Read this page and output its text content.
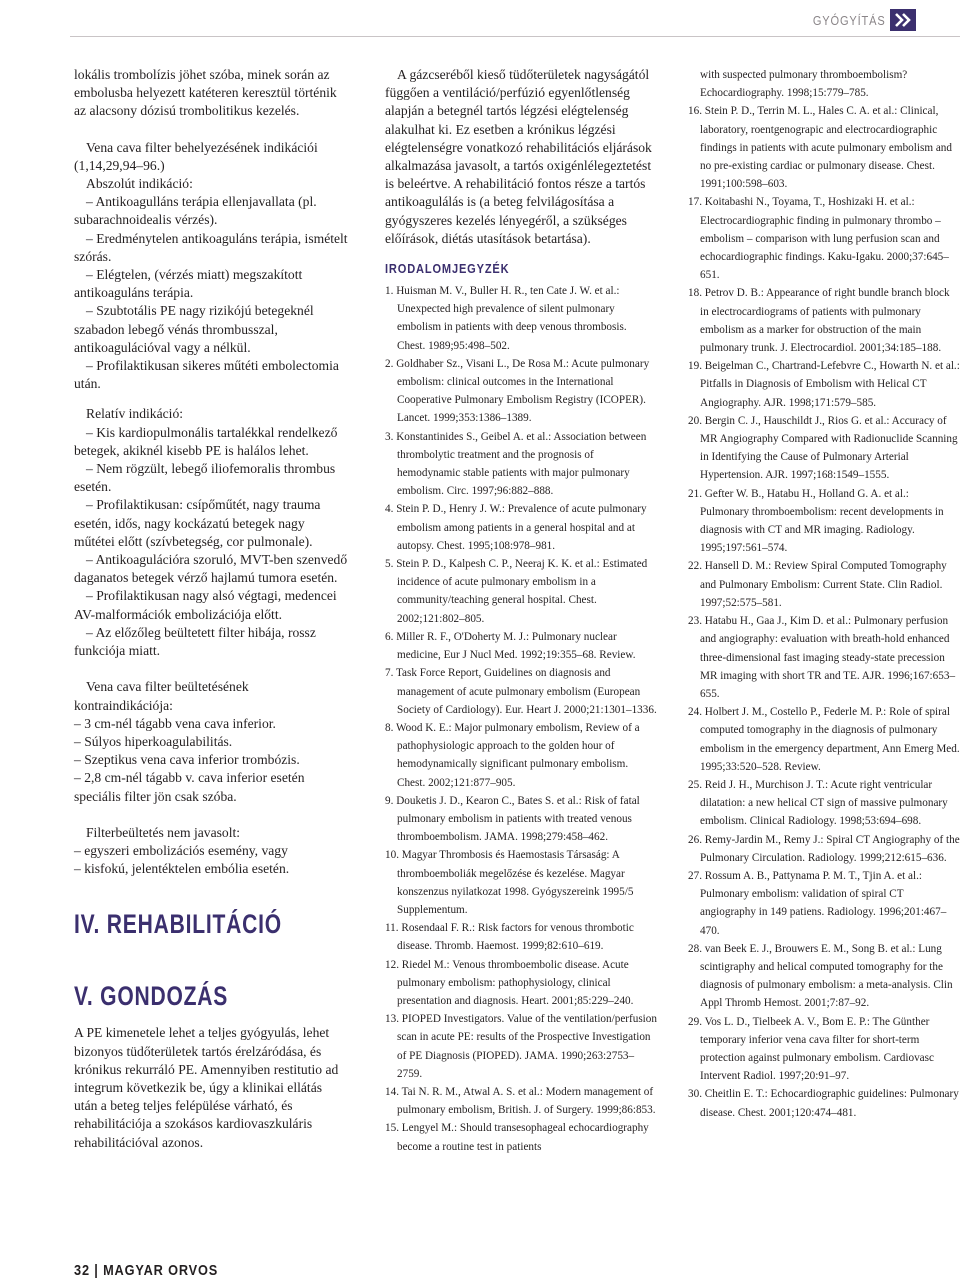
GYÓGYÍTÁS

lokális trombolízis jöhet szóba, minek során az embolusba helyezett katéteren keresztül történik az alacsony dózisú trombolitikus kezelés.

Vena cava filter behelyezésének indikációi (1,14,29,94–96.)

Abszolút indikáció:

– Antikoagulláns terápia ellenjavallata (pl. subarachnoidealis vérzés).

– Eredménytelen antikoaguláns terápia, ismételt szórás.

– Elégtelen, (vérzés miatt) megszakított antikoaguláns terápia.

– Szubtotális PE nagy rizikójú betegeknél szabadon lebegő vénás thrombusszal, antikoagulációval vagy a nélkül.

– Profilaktikusan sikeres műtéti embolectomia után.

Relatív indikáció:

– Kis kardiopulmonális tartalékkal rendelkező betegek, akiknél kisebb PE is halálos lehet.

– Nem rögzült, lebegő iliofemoralis thrombus esetén.

– Profilaktikusan: csípőműtét, nagy trauma esetén, idős, nagy kockázatú betegek nagy műtétei előtt (szívbetegség, cor pulmonale).

– Antikoagulációra szoruló, MVT-ben szenvedő daganatos betegek vérző hajlamú tumora esetén.

– Profilaktikusan nagy alsó végtagi, medencei AV-malformációk embolizációja előtt.

– Az előzőleg beültetett filter hibája, rossz funkciója miatt.

Vena cava filter beültetésének kontraindikációja:

– 3 cm-nél tágabb vena cava inferior.

– Súlyos hiperkoagulabilitás.

– Szeptikus vena cava inferior trombózis.

– 2,8 cm-nél tágabb v. cava inferior esetén speciális filter jön csak szóba.

Filterbeültetés nem javasolt:

– egyszeri embolizációs esemény, vagy

– kisfokú, jelentéktelen embólia esetén.

IV. REHABILITÁCIÓ

V. GONDOZÁS

A PE kimenetele lehet a teljes gyógyulás, lehet bizonyos tüdőterületek tartós érelzáródása, és krónikus rekurráló PE. Amennyiben restitutio ad integrum következik be, úgy a klinikai ellátás után a beteg teljes felépülése várható, és rehabilitációja a szokásos kardiovaszkuláris rehabilitációval azonos.

A gázcseréből kieső tüdőterületek nagyságától függően a ventiláció/perfúzió egyenlőtlenség alapján a betegnél tartós légzési elégtelenség alakulhat ki. Ez esetben a krónikus légzési elégtelenségre vonatkozó rehabilitációs eljárások alkalmazása javasolt, a tartós oxigénlélegeztetést is beleértve. A rehabilitáció fontos része a tartós antikoagulálás is (a beteg felvilágosítása a gyógyszeres kezelés lényegéről, a szükséges előírások, diétás utasítások betartása).

IRODALOMJEGYZÉK

1. Huisman M. V., Buller H. R., ten Cate J. W. et al.: Unexpected high prevalence of silent pulmonary embolism in patients with deep venous thrombosis. Chest. 1989;95:498–502.

2. Goldhaber Sz., Visani L., De Rosa M.: Acute pulmonary embolism: clinical outcomes in the International Cooperative Pulmonary Embolism Registry (ICOPER). Lancet. 1999;353:1386–1389.

3. Konstantinides S., Geibel A. et al.: Association between thrombolytic treatment and the prognosis of hemodynamic stable patients with major pulmonary embolism. Circ. 1997;96:882–888.

4. Stein P. D., Henry J. W.: Prevalence of acute pulmonary embolism among patients in a general hospital and at autopsy. Chest. 1995;108:978–981.

5. Stein P. D., Kalpesh C. P., Neeraj K. K. et al.: Estimated incidence of acute pulmonary embolism in a community/teaching general hospital. Chest. 2002;121:802–805.

6. Miller R. F., O'Doherty M. J.: Pulmonary nuclear medicine, Eur J Nucl Med. 1992;19:355–68. Review.

7. Task Force Report, Guidelines on diagnosis and management of acute pulmonary embolism (European Society of Cardiology). Eur. Heart J. 2000;21:1301–1336.

8. Wood K. E.: Major pulmonary embolism, Review of a pathophysiologic approach to the golden hour of hemodynamically significant pulmonary embolism. Chest. 2002;121:877–905.

9. Douketis J. D., Kearon C., Bates S. et al.: Risk of fatal pulmonary embolism in patients with treated venous thromboembolism. JAMA. 1998;279:458–462.

10. Magyar Thrombosis és Haemostasis Társaság: A thromboemboliák megelőzése és kezelése. Magyar konszenzus nyilatkozat 1998. Gyógyszereink 1995/5 Supplementum.

11. Rosendaal F. R.: Risk factors for venous thrombotic disease. Thromb. Haemost. 1999;82:610–619.

12. Riedel M.: Venous thromboembolic disease. Acute pulmonary embolism: pathophysiology, clinical presentation and diagnosis. Heart. 2001;85:229–240.

13. PIOPED Investigators. Value of the ventilation/perfusion scan in acute PE: results of the Prospective Investigation of PE Diagnosis (PIOPED). JAMA. 1990;263:2753–2759.

14. Tai N. R. M., Atwal A. S. et al.: Modern management of pulmonary embolism, British. J. of Surgery. 1999;86:853.

15. Lengyel M.: Should transesophageal echocardiography become a routine test in patients

with suspected pulmonary thromboembolism? Echocardiography. 1998;15:779–785.

16. Stein P. D., Terrin M. L., Hales C. A. et al.: Clinical, laboratory, roentgenograpic and electrocardiographic findings in patients with acute pulmonary embolism and no pre-existing cardiac or pulmonary disease. Chest. 1991;100:598–603.

17. Koitabashi N., Toyama, T., Hoshizaki H. et al.: Electrocardiographic finding in pulmonary thrombo – embolism – comparison with lung perfusion scan and echocardiographic findings. Kaku-Igaku. 2000;37:645–651.

18. Petrov D. B.: Appearance of right bundle branch block in electrocardiograms of patients with pulmonary embolism as a marker for obstruction of the main pulmonary trunk. J. Electrocardiol. 2001;34:185–188.

19. Beigelman C., Chartrand-Lefebvre C., Howarth N. et al.: Pitfalls in Diagnosis of Embolism with Helical CT Angiography. AJR. 1998;171:579–585.

20. Bergin C. J., Hauschildt J., Rios G. et al.: Accuracy of MR Angiography Compared with Radionuclide Scanning in Identifying the Cause of Pulmonary Arterial Hypertension. AJR. 1997;168:1549–1555.

21. Gefter W. B., Hatabu H., Holland G. A. et al.: Pulmonary thromboembolism: recent developments in diagnosis with CT and MR imaging. Radiology. 1995;197:561–574.

22. Hansell D. M.: Review Spiral Computed Tomography and Pulmonary Embolism: Current State. Clin Radiol. 1997;52:575–581.

23. Hatabu H., Gaa J., Kim D. et al.: Pulmonary perfusion and angiography: evaluation with breath-hold enhanced three-dimensional fast imaging steady-state precession MR imaging with short TR and TE. AJR. 1996;167:653–655.

24. Holbert J. M., Costello P., Federle M. P.: Role of spiral computed tomography in the diagnosis of pulmonary embolism in the emergency department, Ann Emerg Med. 1995;33:520–528. Review.

25. Reid J. H., Murchison J. T.: Acute right ventricular dilatation: a new helical CT sign of massive pulmonary embolism. Clinical Radiology. 1998;53:694–698.

26. Remy-Jardin M., Remy J.: Spiral CT Angiography of the Pulmonary Circulation. Radiology. 1999;212:615–636.

27. Rossum A. B., Pattynama P. M. T., Tjin A. et al.: Pulmonary embolism: validation of spiral CT angiography in 149 patiens. Radiology. 1996;201:467–470.

28. van Beek E. J., Brouwers E. M., Song B. et al.: Lung scintigraphy and helical computed tomography for the diagnosis of pulmonary embolism: a meta-analysis. Clin Appl Thromb Hemost. 2001;7:87–92.

29. Vos L. D., Tielbeek A. V., Bom E. P.: The Günther temporary inferior vena cava filter for short-term protection against pulmonary embolism. Cardiovasc Intervent Radiol. 1997;20:91–97.

30. Cheitlin E. T.: Echocardiographic guidelines: Pulmonary disease. Chest. 2001;120:474–481.

32 | MAGYAR ORVOS
